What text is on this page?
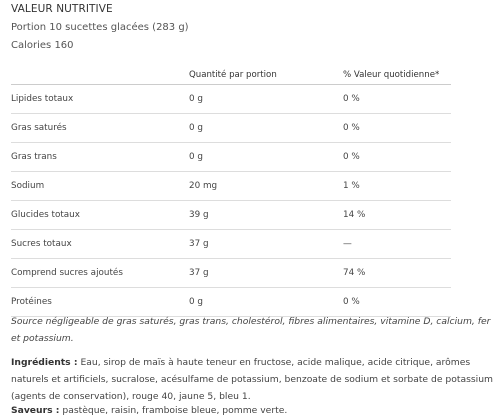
VALEUR NUTRITIVE
Portion 10 sucettes glacées (283 g)
Calories 160
	Quantité par portion	% Valeur quotidienne*
Lipides totaux	0 g	0 %
Gras saturés	0 g	0 %
Gras trans	0 g	0 %
Sodium	20 mg	1 %
Glucides totaux	39 g	14 %
Sucres totaux	37 g	—
Comprend sucres ajoutés	37 g	74 %
Protéines	0 g	0 %
Source négligeable de gras saturés, gras trans, cholestérol, fibres alimentaires, vitamine D, calcium, fer et potassium.
Ingrédients : Eau, sirop de maïs à haute teneur en fructose, acide malique, acide citrique, arômes naturels et artificiels, sucralose, acésulfame de potassium, benzoate de sodium et sorbate de potassium (agents de conservation), rouge 40, jaune 5, bleu 1.
Saveurs : pastèque, raisin, framboise bleue, pomme verte.
